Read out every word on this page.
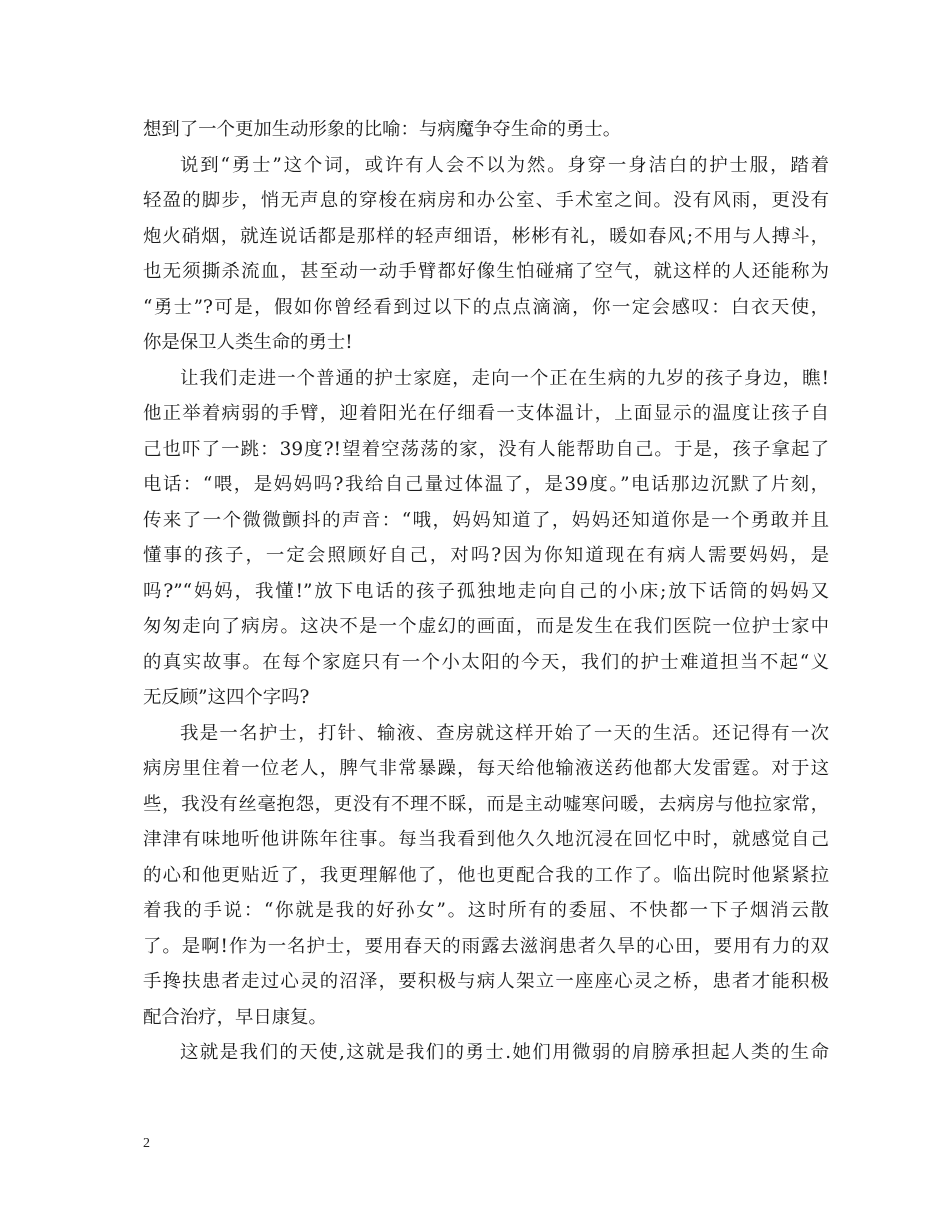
想到了一个更加生动形象的比喻：与病魔争夺生命的勇士。
说到“勇士”这个词，或许有人会不以为然。身穿一身洁白的护士服，踏着
轻盈的脚步，悄无声息的穿梭在病房和办公室、手术室之间。没有风雨，更没有
炮火硝烟，就连说话都是那样的轻声细语，彬彬有礼，暖如春风;不用与人搏斗，
也无须撕杀流血，甚至动一动手臂都好像生怕碰痛了空气，就这样的人还能称为
“勇士”?可是，假如你曾经看到过以下的点点滴滴，你一定会感叹：白衣天使，
你是保卫人类生命的勇士!
让我们走进一个普通的护士家庭，走向一个正在生病的九岁的孩子身边，瞧!
他正举着病弱的手臂，迎着阳光在仔细看一支体温计，上面显示的温度让孩子自
己也吓了一跳：39度?!望着空荡荡的家，没有人能帮助自己。于是，孩子拿起了
电话：“喂，是妈妈吗?我给自己量过体温了，是39度。”电话那边沉默了片刻，
传来了一个微微颤抖的声音：“哦，妈妈知道了，妈妈还知道你是一个勇敢并且
懂事的孩子，一定会照顾好自己，对吗?因为你知道现在有病人需要妈妈，是
吗?”“妈妈，我懂!”放下电话的孩子孤独地走向自己的小床;放下话筒的妈妈又
匆匆走向了病房。这决不是一个虚幻的画面，而是发生在我们医院一位护士家中
的真实故事。在每个家庭只有一个小太阳的今天，我们的护士难道担当不起“义
无反顾”这四个字吗?
我是一名护士，打针、输液、查房就这样开始了一天的生活。还记得有一次
病房里住着一位老人，脾气非常暴躁，每天给他输液送药他都大发雷霆。对于这
些，我没有丝毫抱怨，更没有不理不睬，而是主动嘘寒问暖，去病房与他拉家常，
津津有味地听他讲陈年往事。每当我看到他久久地沉浸在回忆中时，就感觉自己
的心和他更贴近了，我更理解他了，他也更配合我的工作了。临出院时他紧紧拉
着我的手说：“你就是我的好孙女”。这时所有的委屈、不快都一下子烟消云散
了。是啊!作为一名护士，要用春天的雨露去滋润患者久旱的心田，要用有力的双
手搀扶患者走过心灵的沼泽，要积极与病人架立一座座心灵之桥，患者才能积极
配合治疗，早日康复。
这就是我们的天使,这就是我们的勇士.她们用微弱的肩膀承担起人类的生命
2
